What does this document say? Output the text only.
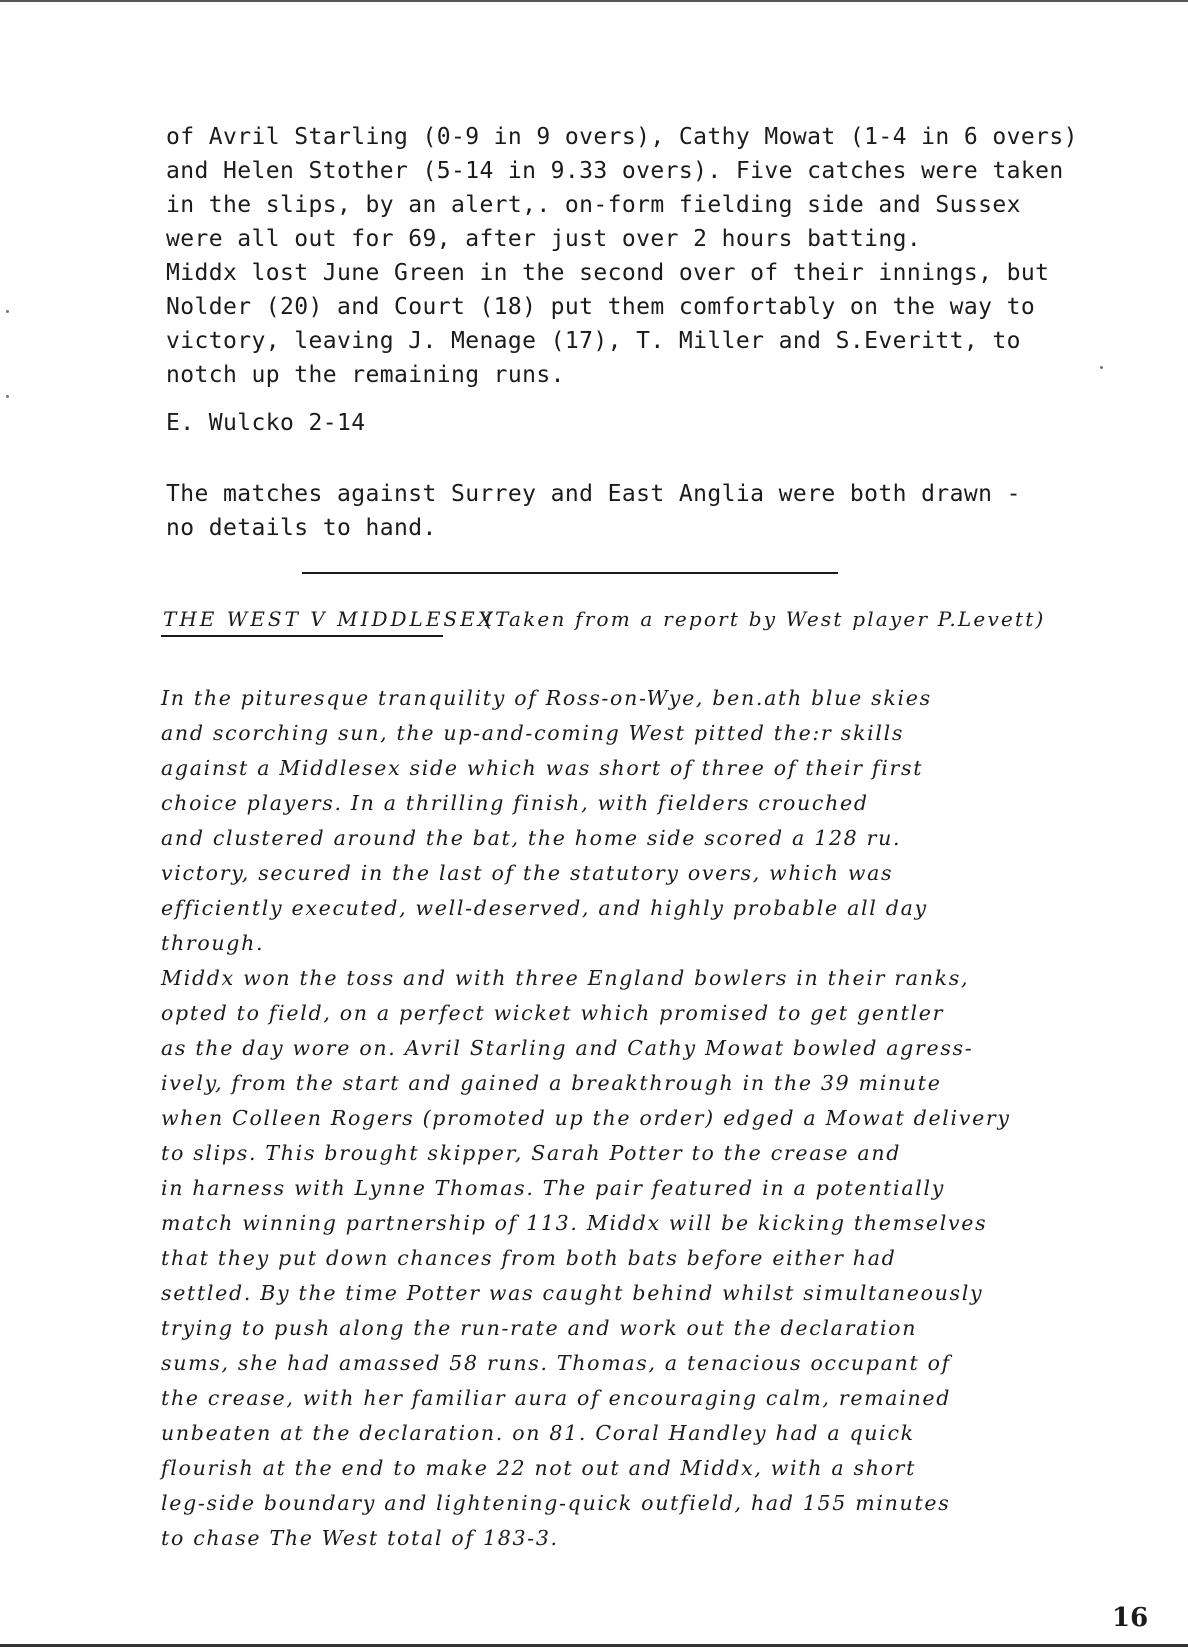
of Avril Starling (0-9 in 9 overs), Cathy Mowat (1-4 in 6 overs)
and Helen Stother (5-14 in 9.33 overs). Five catches were taken
in the slips, by an alert,. on-form fielding side and Sussex
were all out for 69, after just over 2 hours batting.
Middx lost June Green in the second over of their innings, but
Nolder (20) and Court (18) put them comfortably on the way to
victory, leaving J. Menage (17), T. Miller and S.Everitt, to
notch up the remaining runs.
E. Wulcko 2-14
The matches against Surrey and East Anglia were both drawn -
no details to hand.
THE WEST V MIDDLESEX
(Taken from a report by West player P.Levett)
In the pituresque tranquility of Ross-on-Wye, ben.ath blue skies
and scorching sun, the up-and-coming West pitted the:r skills
against a Middlesex side which was short of three of their first
choice players. In a thrilling finish, with fielders crouched
and clustered around the bat, the home side scored a 128 ru.
victory, secured in the last of the statutory overs, which was
efficiently executed, well-deserved, and highly probable all day
through.
Middx won the toss and with three England bowlers in their ranks,
opted to field, on a perfect wicket which promised to get gentler
as the day wore on. Avril Starling and Cathy Mowat bowled agress-
ively, from the start and gained a breakthrough in the 39 minute
when Colleen Rogers (promoted up the order) edged a Mowat delivery
to slips. This brought skipper, Sarah Potter to the crease and
in harness with Lynne Thomas. The pair featured in a potentially
match winning partnership of 113. Middx will be kicking themselves
that they put down chances from both bats before either had
settled. By the time Potter was caught behind whilst simultaneously
trying to push along the run-rate and work out the declaration
sums, she had amassed 58 runs. Thomas, a tenacious occupant of
the crease, with her familiar aura of encouraging calm, remained
unbeaten at the declaration. on 81. Coral Handley had a quick
flourish at the end to make 22 not out and Middx, with a short
leg-side boundary and lightening-quick outfield, had 155 minutes
to chase The West total of 183-3.
16
